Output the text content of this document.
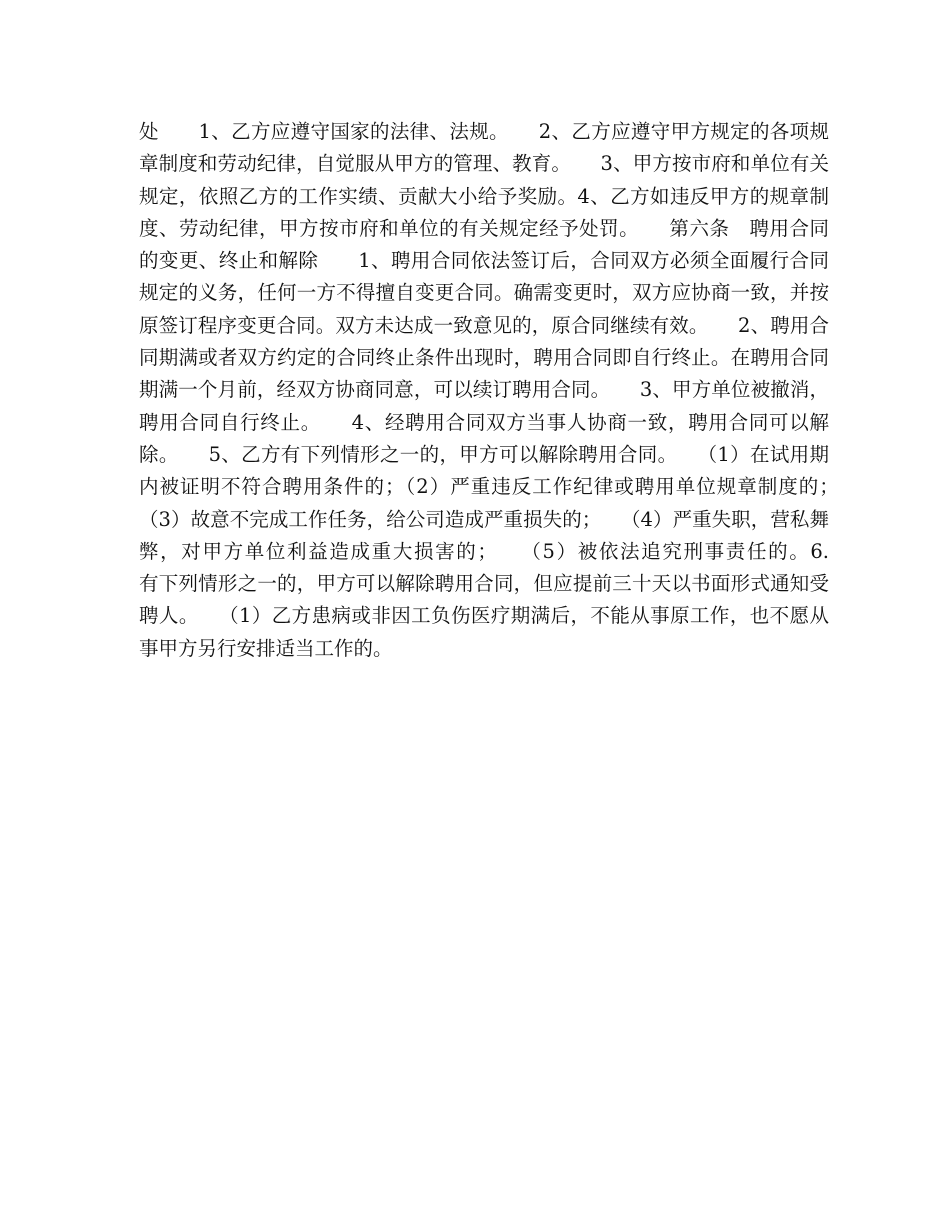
处　　1、乙方应遵守国家的法律、法规。　　2、乙方应遵守甲方规定的各项规章制度和劳动纪律，自觉服从甲方的管理、教育。　　3、甲方按市府和单位有关规定，依照乙方的工作实绩、贡献大小给予奖励。4、乙方如违反甲方的规章制度、劳动纪律，甲方按市府和单位的有关规定经予处罚。　　第六条　聘用合同的变更、终止和解除　　1、聘用合同依法签订后，合同双方必须全面履行合同规定的义务，任何一方不得擅自变更合同。确需变更时，双方应协商一致，并按原签订程序变更合同。双方未达成一致意见的，原合同继续有效。　　2、聘用合同期满或者双方约定的合同终止条件出现时，聘用合同即自行终止。在聘用合同期满一个月前，经双方协商同意，可以续订聘用合同。　　3、甲方单位被撤消，聘用合同自行终止。　　4、经聘用合同双方当事人协商一致，聘用合同可以解除。　　5、乙方有下列情形之一的，甲方可以解除聘用合同。　　（1）在试用期内被证明不符合聘用条件的；（2）严重违反工作纪律或聘用单位规章制度的；　　（3）故意不完成工作任务，给公司造成严重损失的；　　（4）严重失职，营私舞弊，对甲方单位利益造成重大损害的；　　（5）被依法追究刑事责任的。6.　　有下列情形之一的，甲方可以解除聘用合同，但应提前三十天以书面形式通知受聘人。　　（1）乙方患病或非因工负伤医疗期满后，不能从事原工作，也不愿从事甲方另行安排适当工作的。
